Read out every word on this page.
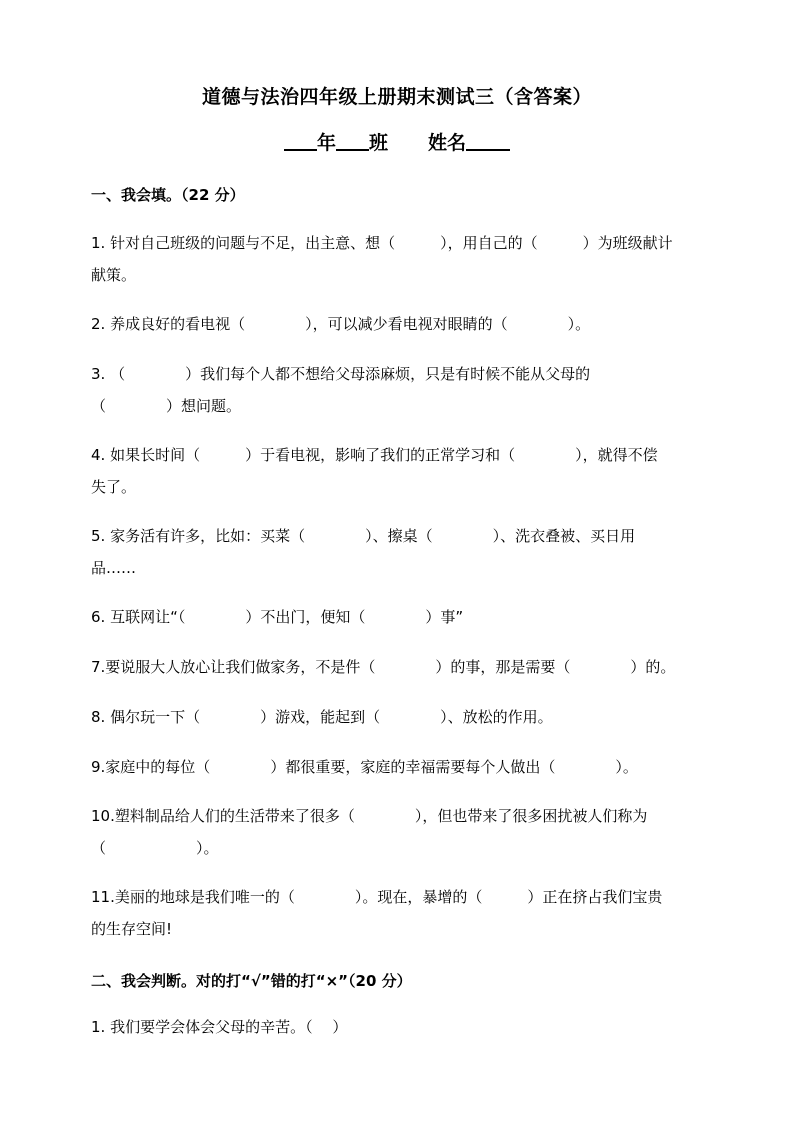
道德与法治四年级上册期末测试三（含答案）
年 班 姓名
一、我会填。（22 分）
1. 针对自己班级的问题与不足，出主意、想（　　　），用自己的（　　　）为班级献计
献策。
2. 养成良好的看电视（　　　　），可以减少看电视对眼睛的（　　　　）。
3. （　　　　）我们每个人都不想给父母添麻烦，只是有时候不能从父母的
（　　　　）想问题。
4. 如果长时间（　　　）于看电视，影响了我们的正常学习和（　　　　），就得不偿
失了。
5. 家务活有许多，比如：买菜（　　　　）、擦桌（　　　　）、洗衣叠被、买日用
品……
6. 互联网让“（　　　　）不出门，便知（　　　　）事”
7.要说服大人放心让我们做家务，不是件（　　　　）的事，那是需要（　　　　）的。
8. 偶尔玩一下（　　　　）游戏，能起到（　　　　）、放松的作用。
9.家庭中的每位（　　　　）都很重要，家庭的幸福需要每个人做出（　　　　）。
10.塑料制品给人们的生活带来了很多（　　　　），但也带来了很多困扰被人们称为
（　　　　　　）。
11.美丽的地球是我们唯一的（　　　　）。现在，暴增的（　　　）正在挤占我们宝贵
的生存空间!
二、我会判断。对的打“√”错的打“×”（20 分）
1. 我们要学会体会父母的辛苦。（　 ）
